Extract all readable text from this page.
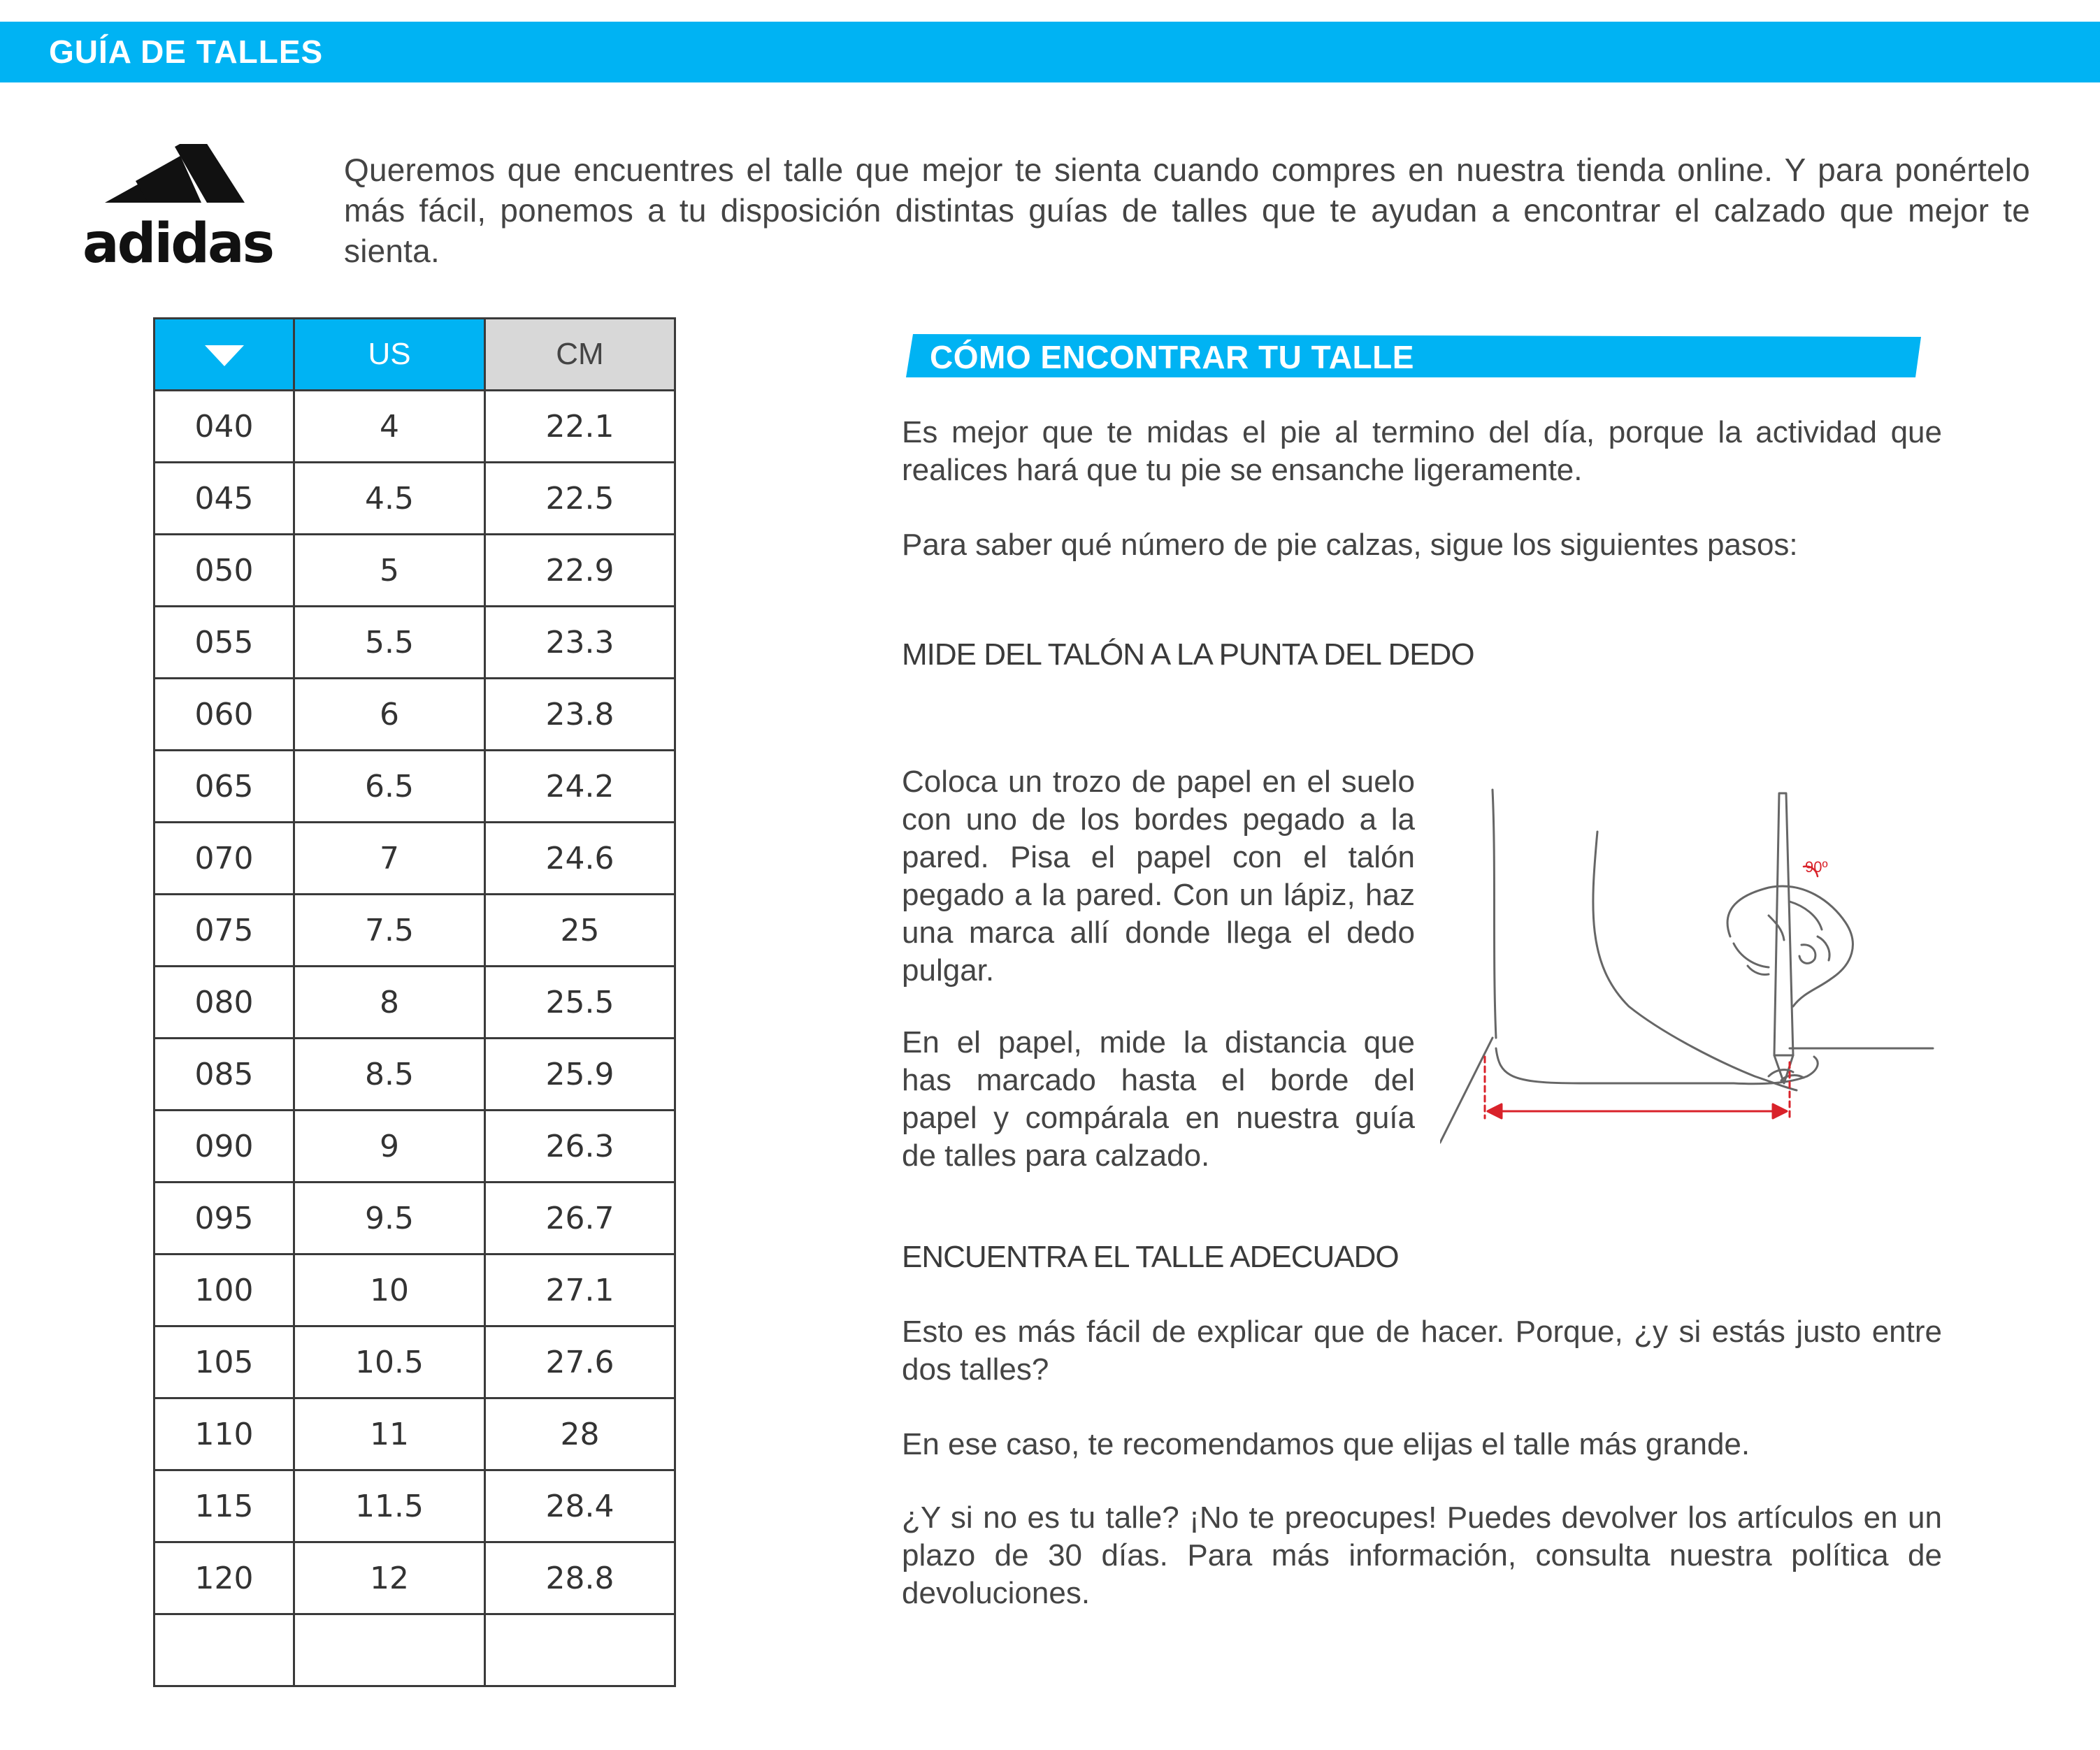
GUÍA DE TALLES
adidas
Queremos que encuentres el talle que mejor te sienta cuando compres en nuestra tienda online. Y para ponértelo más fácil, ponemos a tu disposición distintas guías de talles que te ayudan a encontrar el calzado que mejor te sienta.
	US	CM
040	4	22.1
045	4.5	22.5
050	5	22.9
055	5.5	23.3
060	6	23.8
065	6.5	24.2
070	7	24.6
075	7.5	25
080	8	25.5
085	8.5	25.9
090	9	26.3
095	9.5	26.7
100	10	27.1
105	10.5	27.6
110	11	28
115	11.5	28.4
120	12	28.8

CÓMO ENCONTRAR TU TALLE
Es mejor que te midas el pie al termino del día, porque la actividad que realices hará que tu pie se ensanche ligeramente.
Para saber qué número de pie calzas, sigue los siguientes pasos:
MIDE DEL TALÓN A LA PUNTA DEL DEDO
Coloca un trozo de papel en el suelo con uno de los bordes pegado a la pared. Pisa el papel con el talón pegado a la pared. Con un lápiz, haz una marca allí donde llega el dedo pulgar.
En el papel, mide la distancia que has marcado hasta el borde del papel y compárala en nuestra guía de talles para calzado.
90º
ENCUENTRA EL TALLE ADECUADO
Esto es más fácil de explicar que de hacer. Porque, ¿y si estás justo entre dos talles?
En ese caso, te recomendamos que elijas el talle más grande.
¿Y si no es tu talle? ¡No te preocupes! Puedes devolver los artículos en un plazo de 30 días. Para más información, consulta nuestra política de devoluciones.
